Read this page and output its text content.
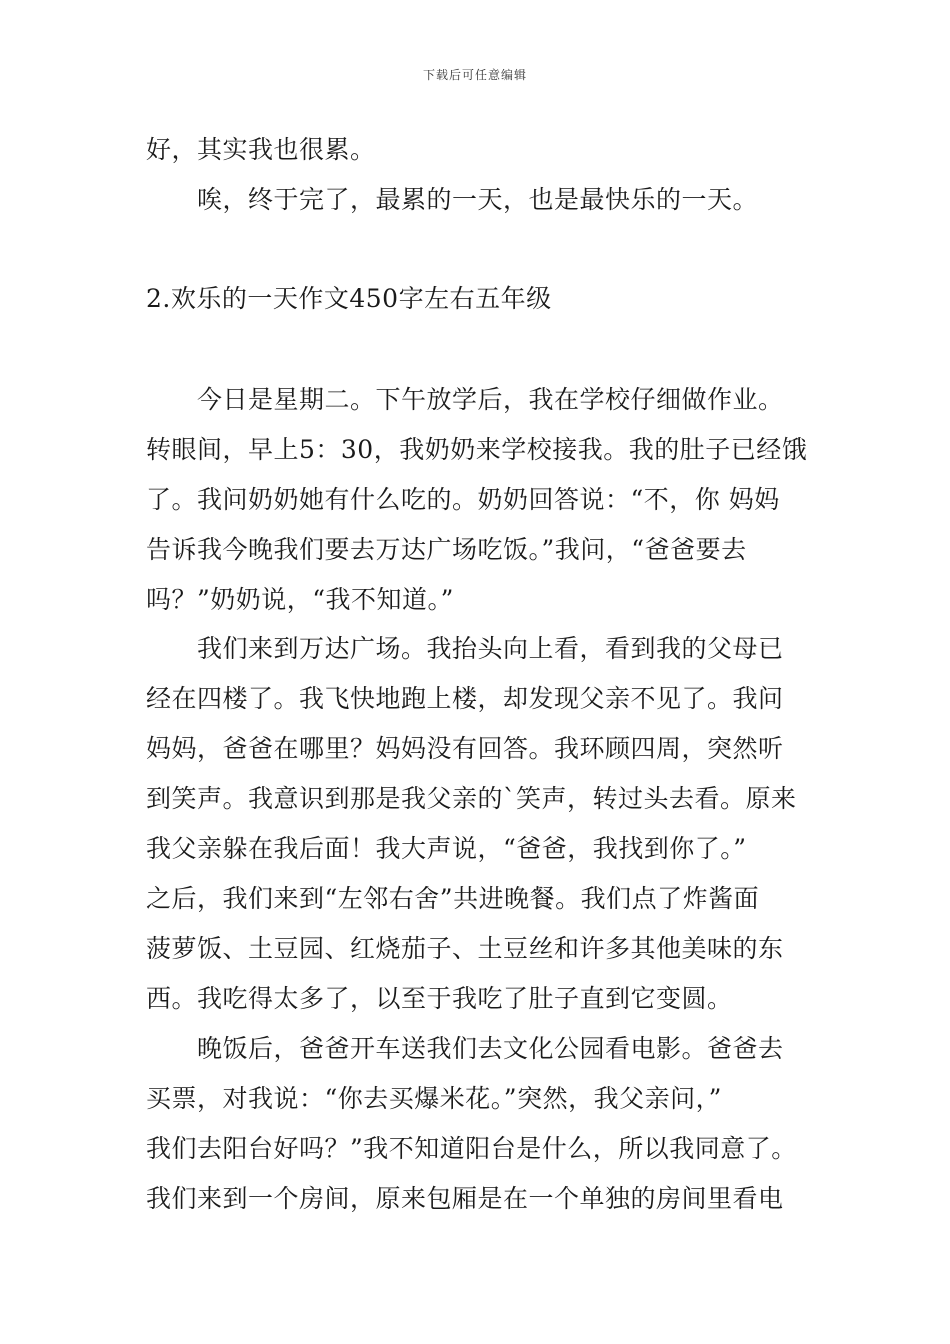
下载后可任意编辑
好，其实我也很累。
　　唉，终于完了，最累的一天，也是最快乐的一天。
2.欢乐的一天作文450字左右五年级
　　今日是星期二。下午放学后，我在学校仔细做作业。
转眼间，早上5：30，我奶奶来学校接我。我的肚子已经饿
了。我问奶奶她有什么吃的。奶奶回答说：“不，你 妈妈
告诉我今晚我们要去万达广场吃饭。”我问，“爸爸要去
吗？”奶奶说，“我不知道。”
　　我们来到万达广场。我抬头向上看，看到我的父母已
经在四楼了。我飞快地跑上楼，却发现父亲不见了。我问
妈妈，爸爸在哪里？妈妈没有回答。我环顾四周，突然听
到笑声。我意识到那是我父亲的`笑声，转过头去看。原来
我父亲躲在我后面！我大声说，“爸爸，我找到你了。”
之后，我们来到“左邻右舍”共进晚餐。我们点了炸酱面
菠萝饭、土豆园、红烧茄子、土豆丝和许多其他美味的东
西。我吃得太多了，以至于我吃了肚子直到它变圆。
　　晚饭后，爸爸开车送我们去文化公园看电影。爸爸去
买票，对我说：“你去买爆米花。”突然，我父亲问，”
我们去阳台好吗？”我不知道阳台是什么，所以我同意了。
我们来到一个房间，原来包厢是在一个单独的房间里看电
